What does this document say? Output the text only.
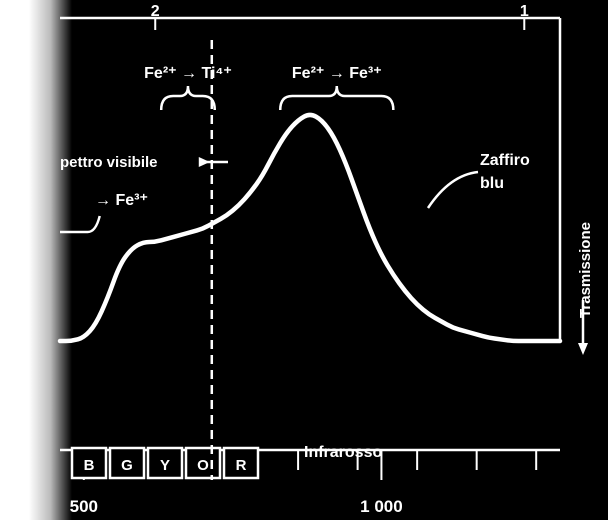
B G Y O R
Infrarosso
pettro visibile
Fe²⁺ → Ti⁴⁺	Fe²⁺ → Fe³⁺
→ Fe³⁺
Zaffiro
blu
2	1
500	1 000
Trasmissione
